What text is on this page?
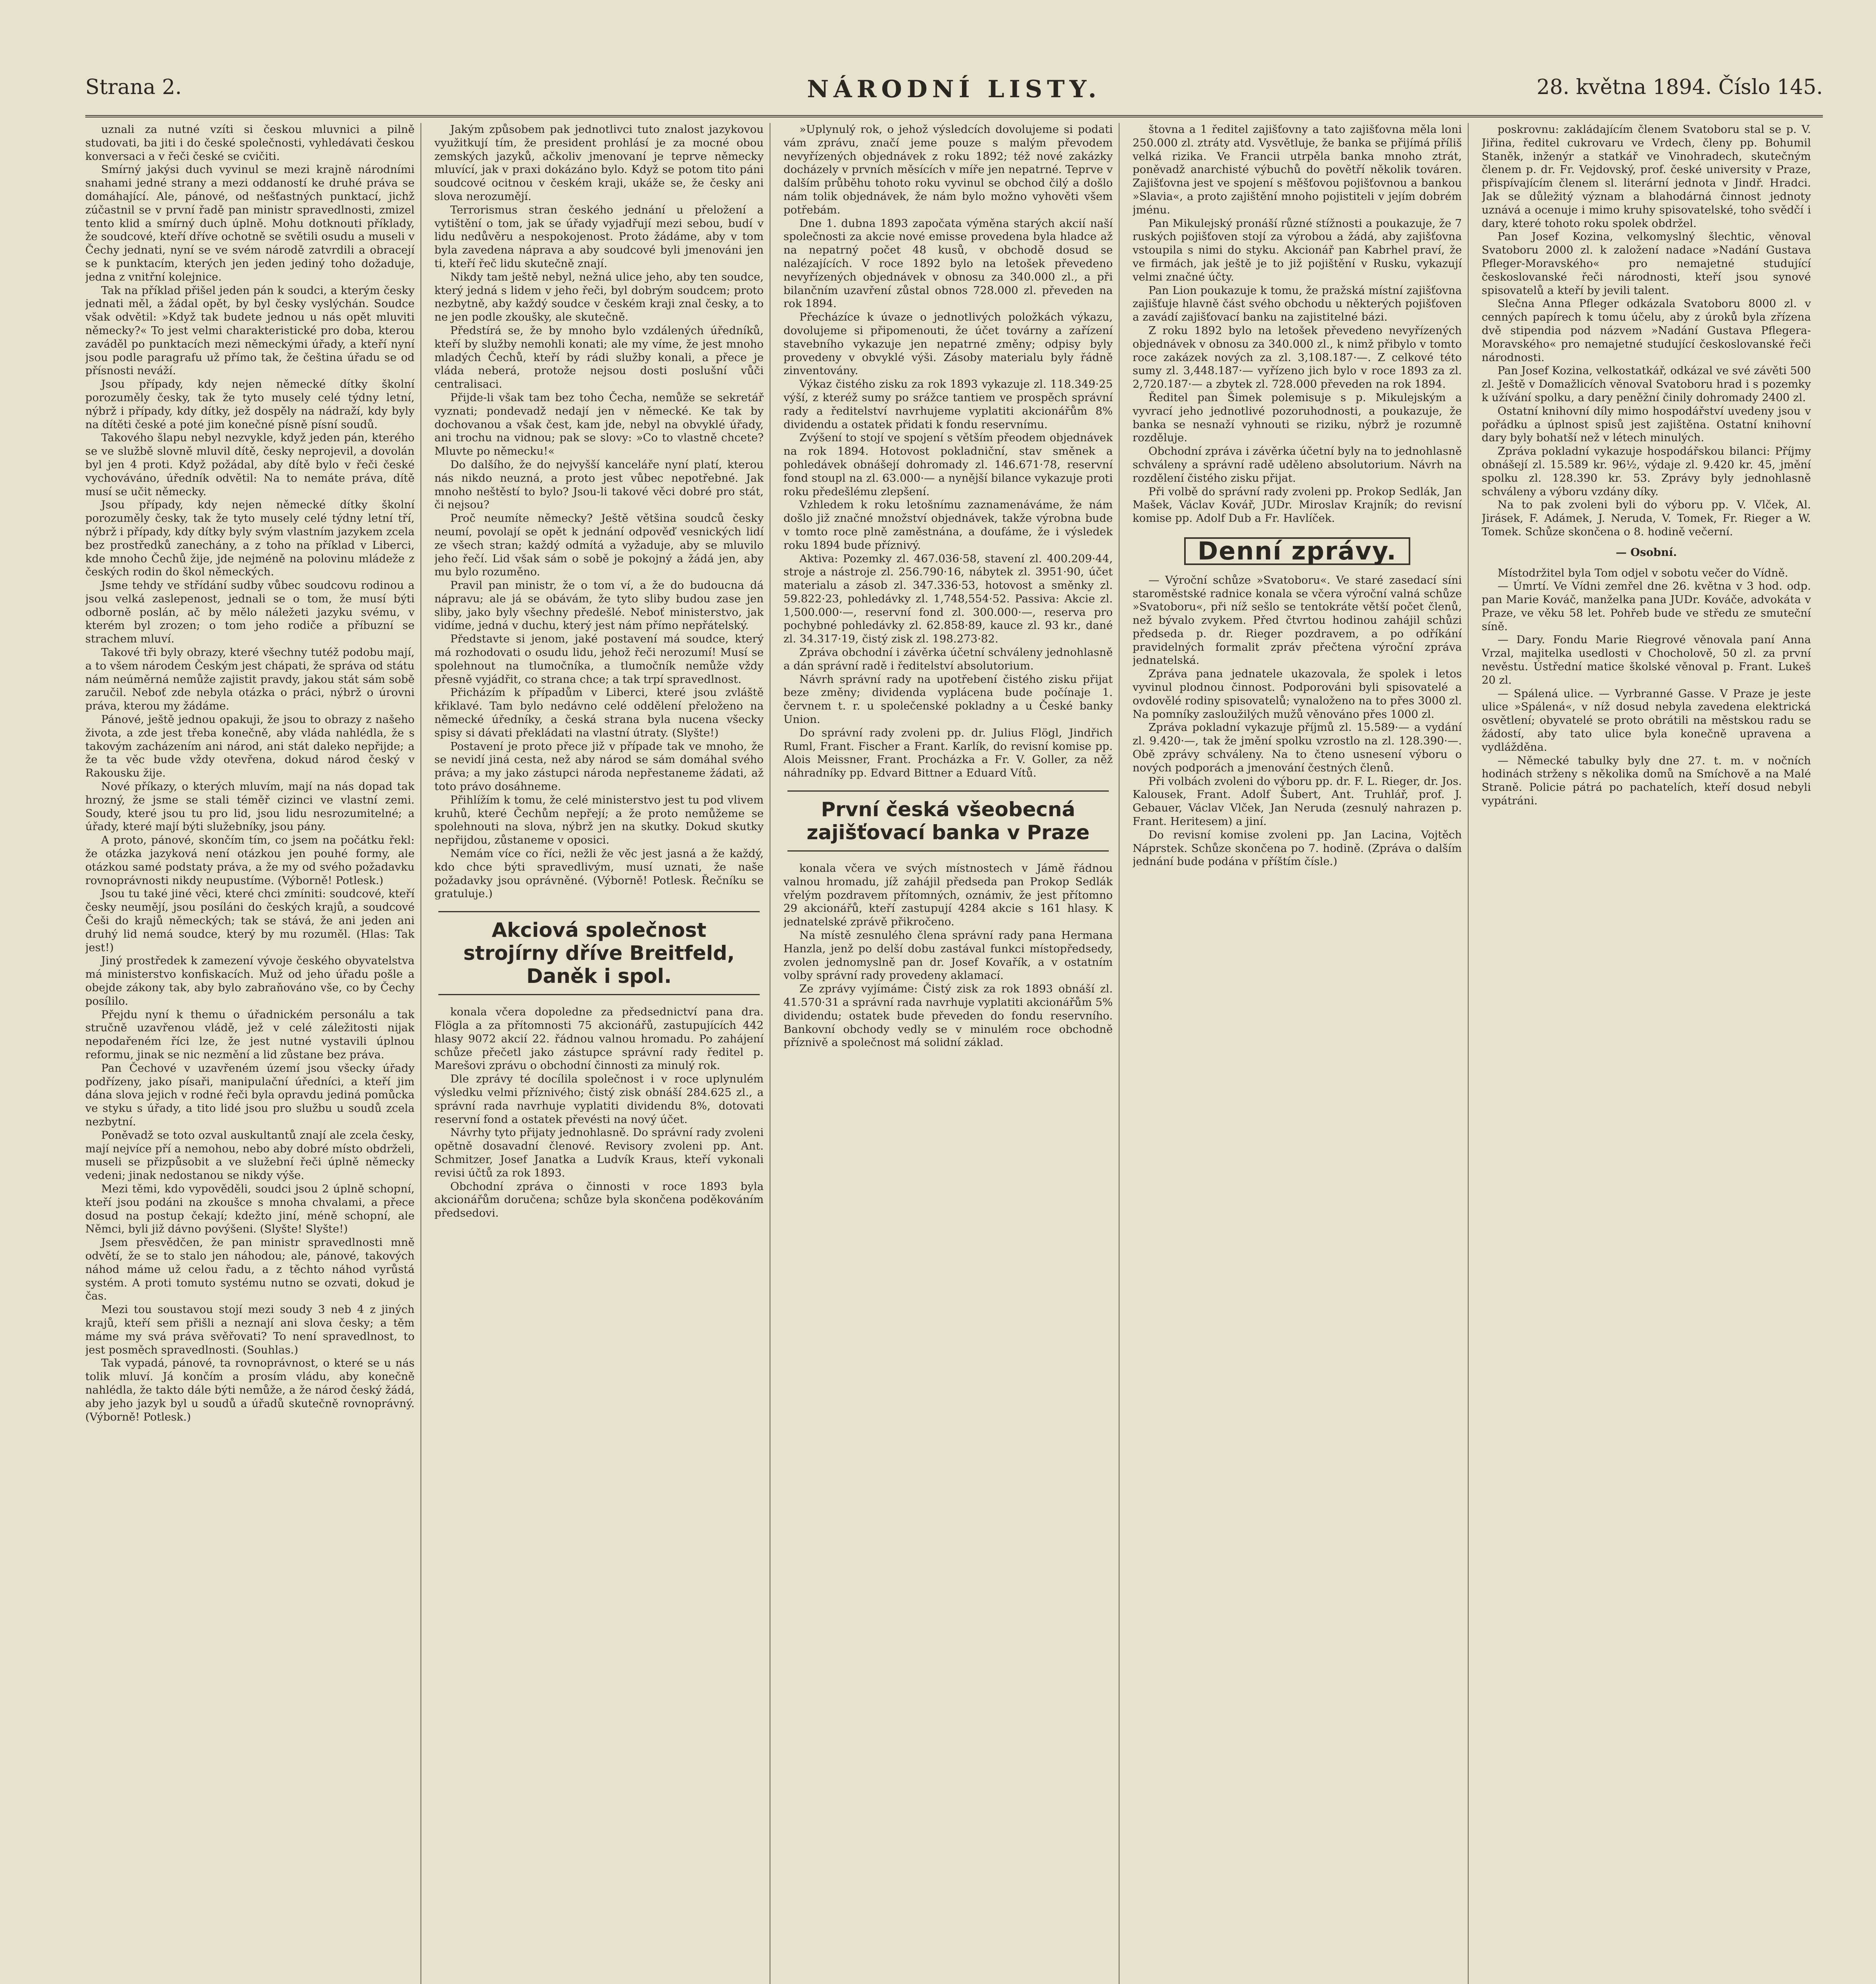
Strana 2.	NÁRODNÍ LISTY.	28. května 1894. Číslo 145.

uznali za nutné vzíti si českou mluvnici a pilně studovati, ba jiti i do české společnosti, vyhledávati českou konversaci a v řeči české se cvičiti.

Smírný jakýsi duch vyvinul se mezi krajně národními snahami jedné strany a mezi oddaností ke druhé práva se domáhající. Ale, pánové, od nešťastných punktací, jichž zúčastnil se v první řadě pan ministr spravedlnosti, zmizel tento klid a smírný duch úplně. Mohu dotknouti příklady, že soudcové, kteří dříve ochotně se světili osudu a museli v Čechy jednati, nyní se ve svém národě zatvrdili a obracejí se k punktacím, kterých jen jeden jediný toho dožaduje, jedna z vnitřní kolejnice.

Tak na příklad přišel jeden pán k soudci, a kterým česky jednati měl, a žádal opět, by byl česky vyslýchán. Soudce však odvětil: »Když tak budete jednou u nás opět mluviti německy?« To jest velmi charakteristické pro doba, kterou zaváděl po punktacích mezi německými úřady, a kteří nyní jsou podle paragrafu už přímo tak, že čeština úřadu se od přísnosti neváží.

Jsou případy, kdy nejen německé dítky školní porozuměly česky, tak že tyto musely celé týdny letní, nýbrž i případy, kdy dítky, jež dospěly na nádraží, kdy byly na dítěti české a poté jim konečné písně písní soudů.

Takového šlapu nebyl nezvykle, když jeden pán, kterého se ve službě slovně mluvil dítě, česky neprojevil, a dovolán byl jen 4 proti. Když požádal, aby dítě bylo v řeči české vychováváno, úředník odvětil: Na to nemáte práva, dítě musí se učit německy.

Jsou případy, kdy nejen německé dítky školní porozuměly česky, tak že tyto musely celé týdny letní tří, nýbrž i případy, kdy dítky byly svým vlastním jazykem zcela bez prostředků zanechány, a z toho na příklad v Liberci, kde mnoho Čechů žije, jde nejméně na polovinu mládeže z českých rodin do škol německých.

Jsme tehdy ve střídání sudby vůbec soudcovu rodinou a jsou velká zaslepenost, jednali se o tom, že musí býti odborně poslán, ač by mělo náležeti jazyku svému, v kterém byl zrozen; o tom jeho rodiče a příbuzní se strachem mluví.

Takové tři byly obrazy, které všechny tutéž podobu mají, a to všem národem Českým jest chápati, že správa od státu nám neúměrná nemůže zajistit pravdy, jakou stát sám sobě zaručil. Neboť zde nebyla otázka o práci, nýbrž o úrovni práva, kterou my žádáme.

Pánové, ještě jednou opakuji, že jsou to obrazy z našeho života, a zde jest třeba konečně, aby vláda nahlédla, že s takovým zacházením ani národ, ani stát daleko nepřijde; a že ta věc bude vždy otevřena, dokud národ český v Rakousku žije.

Nové příkazy, o kterých mluvím, mají na nás dopad tak hrozný, že jsme se stali téměř cizinci ve vlastní zemi. Soudy, které jsou tu pro lid, jsou lidu nesrozumitelné; a úřady, které mají býti služebníky, jsou pány.

A proto, pánové, skončím tím, co jsem na počátku řekl: že otázka jazyková není otázkou jen pouhé formy, ale otázkou samé podstaty práva, a že my od svého požadavku rovnoprávnosti nikdy neupustíme. (Výborně! Potlesk.)

Jsou tu také jiné věci, které chci zmíniti: soudcové, kteří česky neumějí, jsou posíláni do českých krajů, a soudcové Češi do krajů německých; tak se stává, že ani jeden ani druhý lid nemá soudce, který by mu rozuměl. (Hlas: Tak jest!)

Jiný prostředek k zamezení vývoje českého obyvatelstva má ministerstvo konfiskacích. Muž od jeho úřadu pošle a obejde zákony tak, aby bylo zabraňováno vše, co by Čechy posílilo.

Přejdu nyní k themu o úřadnickém personálu a tak stručně uzavřenou vládě, jež v celé záležitosti nijak nepodařeném říci lze, že jest nutné vystavili úplnou reformu, jinak se nic nezmění a lid zůstane bez práva.

Pan Čechové v uzavřeném území jsou všecky úřady podřízeny, jako písaři, manipulační úředníci, a kteří jim dána slova jejich v rodné řeči byla opravdu jediná pomůcka ve styku s úřady, a tito lidé jsou pro službu u soudů zcela nezbytní.

Poněvadž se toto ozval auskultantů znají ale zcela česky, mají nejvíce pří a nemohou, nebo aby dobré místo obdrželi, museli se přizpůsobit a ve služební řeči úplně německy vedeni; jinak nedostanou se nikdy výše.

Mezi těmi, kdo vypověděli, soudci jsou 2 úplně schopní, kteří jsou podáni na zkoušce s mnoha chvalami, a přece dosud na postup čekají; kdežto jiní, méně schopní, ale Němci, byli již dávno povýšeni. (Slyšte! Slyšte!)

Jsem přesvědčen, že pan ministr spravedlnosti mně odvětí, že se to stalo jen náhodou; ale, pánové, takových náhod máme už celou řadu, a z těchto náhod vyrůstá systém. A proti tomuto systému nutno se ozvati, dokud je čas.

Mezi tou soustavou stojí mezi soudy 3 neb 4 z jiných krajů, kteří sem přišli a neznají ani slova česky; a těm máme my svá práva svěřovati? To není spravedlnost, to jest posměch spravedlnosti. (Souhlas.)

Tak vypadá, pánové, ta rovnoprávnost, o které se u nás tolik mluví. Já končím a prosím vládu, aby konečně nahlédla, že takto dále býti nemůže, a že národ český žádá, aby jeho jazyk byl u soudů a úřadů skutečně rovnoprávný. (Výborně! Potlesk.)

Jakým způsobem pak jednotlivci tuto znalost jazykovou využitkují tím, že president prohlásí je za mocné obou zemských jazyků, ačkoliv jmenovaní je teprve německy mluvící, jak v praxi dokázáno bylo. Když se potom tito páni soudcové ocitnou v českém kraji, ukáže se, že česky ani slova nerozumějí.

Terrorismus stran českého jednání u přeložení a vytištění o tom, jak se úřady vyjadřují mezi sebou, budí v lidu nedůvěru a nespokojenost. Proto žádáme, aby v tom byla zavedena náprava a aby soudcové byli jmenováni jen ti, kteří řeč lidu skutečně znají.

Nikdy tam ještě nebyl, nežná ulice jeho, aby ten soudce, který jedná s lidem v jeho řeči, byl dobrým soudcem; proto nezbytně, aby každý soudce v českém kraji znal česky, a to ne jen podle zkoušky, ale skutečně.

Předstírá se, že by mnoho bylo vzdálených úředníků, kteří by služby nemohli konati; ale my víme, že jest mnoho mladých Čechů, kteří by rádi služby konali, a přece je vláda neberá, protože nejsou dosti poslušní vůči centralisaci.

Přijde-li však tam bez toho Čecha, nemůže se sekretář vyznati; pondevadž nedají jen v německé. Ke tak by dochovanou a však čest, kam jde, nebyl na obvyklé úřady, ani trochu na vidnou; pak se slovy: »Co to vlastně chcete? Mluvte po německu!«

Do dalšího, že do nejvyšší kanceláře nyní platí, kterou nás nikdo neuzná, a proto jest vůbec nepotřebné. Jak mnoho neštěstí to bylo? Jsou-li takové věci dobré pro stát, či nejsou?

Proč neumíte německy? Ještě většina soudců česky neumí, povolají se opět k jednání odpověď vesnických lidí ze všech stran; každý odmítá a vyžaduje, aby se mluvilo jeho řečí. Lid však sám o sobě je pokojný a žádá jen, aby mu bylo rozuměno.

Pravil pan ministr, že o tom ví, a že do budoucna dá nápravu; ale já se obávám, že tyto sliby budou zase jen sliby, jako byly všechny předešlé. Neboť ministerstvo, jak vidíme, jedná v duchu, který jest nám přímo nepřátelský.

Představte si jenom, jaké postavení má soudce, který má rozhodovati o osudu lidu, jehož řeči nerozumí! Musí se spolehnout na tlumočníka, a tlumočník nemůže vždy přesně vyjádřit, co strana chce; a tak trpí spravedlnost.

Přicházím k případům v Liberci, které jsou zvláště křiklavé. Tam bylo nedávno celé oddělení přeloženo na německé úředníky, a česká strana byla nucena všecky spisy si dávati překládati na vlastní útraty. (Slyšte!)

Postavení je proto přece již v případe tak ve mnoho, že se nevidí jiná cesta, než aby národ se sám domáhal svého práva; a my jako zástupci národa nepřestaneme žádati, až toto právo dosáhneme.

Přihlížím k tomu, že celé ministerstvo jest tu pod vlivem kruhů, které Čechům nepřejí; a že proto nemůžeme se spolehnouti na slova, nýbrž jen na skutky. Dokud skutky nepřijdou, zůstaneme v oposici.

Nemám více co říci, nežli že věc jest jasná a že každý, kdo chce býti spravedlivým, musí uznati, že naše požadavky jsou oprávněné. (Výborně! Potlesk. Řečníku se gratuluje.)

Akciová společnost strojírny dříve Breitfeld, Daněk i spol.

konala včera dopoledne za předsednictví pana dra. Flögla a za přítomnosti 75 akcionářů, zastupujících 442 hlasy 9072 akcií 22. řádnou valnou hromadu. Po zahájení schůze přečetl jako zástupce správní rady ředitel p. Marešovi zprávu o obchodní činnosti za minulý rok.

Dle zprávy té docílila společnost i v roce uplynulém výsledku velmi příznivého; čistý zisk obnáší 284.625 zl., a správní rada navrhuje vyplatiti dividendu 8%, dotovati reservní fond a ostatek převésti na nový účet.

Návrhy tyto přijaty jednohlasně. Do správní rady zvoleni opětně dosavadní členové. Revisory zvoleni pp. Ant. Schmitzer, Josef Janatka a Ludvík Kraus, kteří vykonali revisi účtů za rok 1893.

Obchodní zpráva o činnosti v roce 1893 byla akcionářům doručena; schůze byla skončena poděkováním předsedovi.

»Uplynulý rok, o jehož výsledcích dovolujeme si podati vám zprávu, značí jeme pouze s malým převodem nevyřízených objednávek z roku 1892; též nové zakázky docházely v prvních měsících v míře jen nepatrné. Teprve v dalším průběhu tohoto roku vyvinul se obchod čilý a došlo nám tolik objednávek, že nám bylo možno vyhověti všem potřebám.

Dne 1. dubna 1893 započata výměna starých akcií naší společnosti za akcie nové emisse provedena byla hladce až na nepatrný počet 48 kusů, v obchodě dosud se nalézajících. V roce 1892 bylo na letošek převedeno nevyřízených objednávek v obnosu za 340.000 zl., a při bilančním uzavření zůstal obnos 728.000 zl. převeden na rok 1894.

Přecházíce k úvaze o jednotlivých položkách výkazu, dovolujeme si připomenouti, že účet továrny a zařízení stavebního vykazuje jen nepatrné změny; odpisy byly provedeny v obvyklé výši. Zásoby materialu byly řádně zinventovány.

Výkaz čistého zisku za rok 1893 vykazuje zl. 118.349·25 výší, z kteréž sumy po srážce tantiem ve prospěch správní rady a ředitelství navrhujeme vyplatiti akcionářům 8% dividendu a ostatek přidati k fondu reservnímu.

Zvýšení to stojí ve spojení s větším přeodem objednávek na rok 1894. Hotovost pokladniční, stav směnek a pohledávek obnášejí dohromady zl. 146.671·78, reservní fond stoupl na zl. 63.000·— a nynější bilance vykazuje proti roku předešlému zlepšení.

Vzhledem k roku letošnímu zaznamenáváme, že nám došlo již značné množství objednávek, takže výrobna bude v tomto roce plně zaměstnána, a doufáme, že i výsledek roku 1894 bude příznivý.

Aktiva: Pozemky zl. 467.036·58, stavení zl. 400.209·44, stroje a nástroje zl. 256.790·16, nábytek zl. 3951·90, účet materialu a zásob zl. 347.336·53, hotovost a směnky zl. 59.822·23, pohledávky zl. 1,748,554·52. Passiva: Akcie zl. 1,500.000·—, reservní fond zl. 300.000·—, reserva pro pochybné pohledávky zl. 62.858·89, kauce zl. 93 kr., dané zl. 34.317·19, čistý zisk zl. 198.273·82.

Zpráva obchodní i závěrka účetní schváleny jednohlasně a dán správní radě i ředitelství absolutorium.

Návrh správní rady na upotřebení čistého zisku přijat beze změny; dividenda vyplácena bude počínaje 1. červnem t. r. u společenské pokladny a u České banky Union.

Do správní rady zvoleni pp. dr. Julius Flögl, Jindřich Ruml, Frant. Fischer a Frant. Karlík, do revisní komise pp. Alois Meissner, Frant. Procházka a Fr. V. Goller, za něž náhradníky pp. Edvard Bittner a Eduard Vítů.

První česká všeobecná zajišťovací banka v Praze

konala včera ve svých místnostech v Jámě řádnou valnou hromadu, jíž zahájil předseda pan Prokop Sedlák vřelým pozdravem přítomných, oznámiv, že jest přítomno 29 akcionářů, kteří zastupují 4284 akcie s 161 hlasy. K jednatelské zprávě přikročeno.

Na místě zesnulého člena správní rady pana Hermana Hanzla, jenž po delší dobu zastával funkci místopředsedy, zvolen jednomyslně pan dr. Josef Kovařík, a v ostatním volby správní rady provedeny aklamací.

Ze zprávy vyjímáme: Čistý zisk za rok 1893 obnáší zl. 41.570·31 a správní rada navrhuje vyplatiti akcionářům 5% dividendu; ostatek bude převeden do fondu reservního. Bankovní obchody vedly se v minulém roce obchodně příznivě a společnost má solidní základ.

štovna a 1 ředitel zajišťovny a tato zajišťovna měla loni 250.000 zl. ztráty atd. Vysvětluje, že banka se přijímá příliš velká rizika. Ve Francii utrpěla banka mnoho ztrát, poněvadž anarchisté výbuchů do povětří několik továren. Zajišťovna jest ve spojení s měšťovou pojišťovnou a bankou »Slavia«, a proto zajištění mnoho pojistiteli v jejím dobrém jménu.

Pan Mikulejský pronáší různé stížnosti a poukazuje, že 7 ruských pojišťoven stojí za výrobou a žádá, aby zajišťovna vstoupila s nimi do styku. Akcionář pan Kabrhel praví, že ve firmách, jak ještě je to již pojištění v Rusku, vykazují velmi značné účty.

Pan Lion poukazuje k tomu, že pražská místní zajišťovna zajišťuje hlavně část svého obchodu u některých pojišťoven a zavádí zajišťovací banku na zajistitelné bázi.

Z roku 1892 bylo na letošek převedeno nevyřízených objednávek v obnosu za 340.000 zl., k nimž přibylo v tomto roce zakázek nových za zl. 3,108.187·—. Z celkové této sumy zl. 3,448.187·— vyřízeno jich bylo v roce 1893 za zl. 2,720.187·— a zbytek zl. 728.000 převeden na rok 1894.

Ředitel pan Šimek polemisuje s p. Mikulejským a vyvrací jeho jednotlivé pozoruhodnosti, a poukazuje, že banka se nesnaží vyhnouti se riziku, nýbrž je rozumně rozděluje.

Obchodní zpráva i závěrka účetní byly na to jednohlasně schváleny a správní radě uděleno absolutorium. Návrh na rozdělení čistého zisku přijat.

Při volbě do správní rady zvoleni pp. Prokop Sedlák, Jan Mašek, Václav Kovář, JUDr. Miroslav Krajník; do revisní komise pp. Adolf Dub a Fr. Havlíček.

Denní zprávy.

— Výroční schůze »Svatoboru«. Ve staré zasedací síni staroměstské radnice konala se včera výroční valná schůze »Svatoboru«, při níž sešlo se tentokráte větší počet členů, než bývalo zvykem. Před čtvrtou hodinou zahájil schůzi předseda p. dr. Rieger pozdravem, a po odříkání pravidelných formalit zpráv přečtena výroční zpráva jednatelská.

Zpráva pana jednatele ukazovala, že spolek i letos vyvinul plodnou činnost. Podporováni byli spisovatelé a ovdovělé rodiny spisovatelů; vynaloženo na to přes 3000 zl. Na pomníky zasloužilých mužů věnováno přes 1000 zl.

Zpráva pokladní vykazuje příjmů zl. 15.589·— a vydání zl. 9.420·—, tak že jmění spolku vzrostlo na zl. 128.390·—. Obě zprávy schváleny. Na to čteno usnesení výboru o nových podporách a jmenování čestných členů.

Při volbách zvoleni do výboru pp. dr. F. L. Rieger, dr. Jos. Kalousek, Frant. Adolf Šubert, Ant. Truhlář, prof. J. Gebauer, Václav Vlček, Jan Neruda (zesnulý nahrazen p. Frant. Heritesem) a jiní.

Do revisní komise zvoleni pp. Jan Lacina, Vojtěch Náprstek. Schůze skončena po 7. hodině. (Zpráva o dalším jednání bude podána v příštím čísle.)

poskrovnu: zakládajícím členem Svatoboru stal se p. V. Jiřina, ředitel cukrovaru ve Vrdech, členy pp. Bohumil Staněk, inženýr a statkář ve Vinohradech, skutečným členem p. dr. Fr. Vejdovský, prof. české university v Praze, přispívajícím členem sl. literární jednota v Jindř. Hradci. Jak se důležitý význam a blahodárná činnost jednoty uznává a ocenuje i mimo kruhy spisovatelské, toho svědčí i dary, které tohoto roku spolek obdržel.

Pan Josef Kozina, velkomyslný šlechtic, věnoval Svatoboru 2000 zl. k založení nadace »Nadání Gustava Pfleger-Moravského« pro nemajetné studující českoslovanské řeči národnosti, kteří jsou synové spisovatelů a kteří by jevili talent.

Slečna Anna Pfleger odkázala Svatoboru 8000 zl. v cenných papírech k tomu účelu, aby z úroků byla zřízena dvě stipendia pod názvem »Nadání Gustava Pflegera-Moravského« pro nemajetné studující českoslovanské řeči národnosti.

Pan Josef Kozina, velkostatkář, odkázal ve své závěti 500 zl. Ještě v Domažlicích věnoval Svatoboru hrad i s pozemky k užívání spolku, a dary peněžní činily dohromady 2400 zl.

Ostatní knihovní díly mimo hospodářství uvedeny jsou v pořádku a úplnost spisů jest zajištěna. Ostatní knihovní dary byly bohatší než v létech minulých.

Zpráva pokladní vykazuje hospodářskou bilanci: Příjmy obnášejí zl. 15.589 kr. 96½, výdaje zl. 9.420 kr. 45, jmění spolku zl. 128.390 kr. 53. Zprávy byly jednohlasně schváleny a výboru vzdány díky.

Na to pak zvoleni byli do výboru pp. V. Vlček, Al. Jirásek, F. Adámek, J. Neruda, V. Tomek, Fr. Rieger a W. Tomek. Schůze skončena o 8. hodině večerní.

— Osobní.

Místodržitel byla Tom odjel v sobotu večer do Vídně.

— Úmrtí. Ve Vídni zemřel dne 26. května v 3 hod. odp. pan Marie Kováč, manželka pana JUDr. Kováče, advokáta v Praze, ve věku 58 let. Pohřeb bude ve středu ze smuteční síně.

— Dary. Fondu Marie Riegrové věnovala paní Anna Vrzal, majitelka usedlosti v Chocholově, 50 zl. za první nevěstu. Ústřední matice školské věnoval p. Frant. Lukeš 20 zl.

— Spálená ulice. — Vyrbranné Gasse. V Praze je jeste ulice »Spálená«, v níž dosud nebyla zavedena elektrická osvětlení; obyvatelé se proto obrátili na městskou radu se žádostí, aby tato ulice byla konečně upravena a vydlážděna.

— Německé tabulky byly dne 27. t. m. v nočních hodinách strženy s několika domů na Smíchově a na Malé Straně. Policie pátrá po pachatelích, kteří dosud nebyli vypátráni.
